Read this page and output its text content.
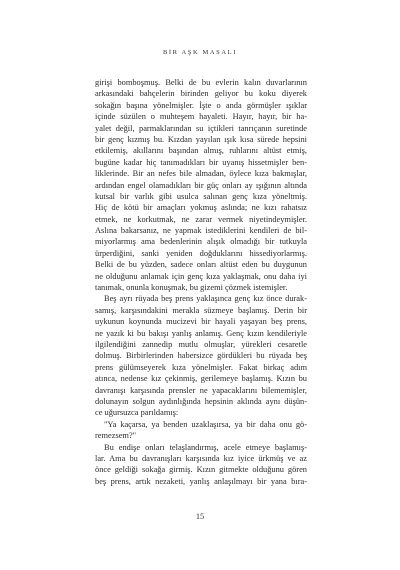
BİR AŞK MASALI
girişi bomboşmuş. Belki de bu evlerin kalın duvarlarının
arkasındaki bahçelerin birinden geliyor bu koku diyerek
sokağın başına yönelmişler. İşte o anda görmüşler ışıklar
içinde süzülen o muhteşem hayaleti. Hayır, hayır, bir ha-
yalet değil, parmaklarından su içtikleri tanrıçanın suretinde
bir genç kızmış bu. Kızdan yayılan ışık kısa sürede hepsini
etkilemiş, akıllarını başından almış, ruhlarını altüst etmiş,
bugüne kadar hiç tanımadıkları bir uyanış hissetmişler ben-
liklerinde. Bir an nefes bile almadan, öylece kıza bakmışlar,
ardından engel olamadıkları bir güç onları ay ışığının altında
kutsal bir varlık gibi usulca salınan genç kıza yöneltmiş.
Hiç de kötü bir amaçları yokmuş aslında; ne kızı rahatsız
etmek, ne korkutmak, ne zarar vermek niyetindeymişler.
Aslına bakarsanız, ne yapmak istediklerini kendileri de bil-
miyorlarmış ama bedenlerinin alışık olmadığı bir tutkuyla
ürperdiğini, sanki yeniden doğduklarını hissediyorlarmış.
Belki de bu yüzden, sadece onları altüst eden bu duygunun
ne olduğunu anlamak için genç kıza yaklaşmak, onu daha iyi
tanımak, onunla konuşmak, bu gizemi çözmek istemişler.
Beş ayrı rüyada beş prens yaklaşınca genç kız önce durak-
samış, karşısındakini merakla süzmeye başlamış. Derin bir
uykunun koynunda mucizevi bir hayali yaşayan beş prens,
ne yazık ki bu bakışı yanlış anlamış. Genç kızın kendileriyle
ilgilendiğini zannedip mutlu olmuşlar, yürekleri cesaretle
dolmuş. Birbirlerinden habersizce gördükleri bu rüyada beş
prens gülümseyerek kıza yönelmişler. Fakat birkaç adım
atınca, nedense kız çekinmiş, gerilemeye başlamış. Kızın bu
davranışı karşısında prensler ne yapacaklarını bilememişler,
dolunayın solgun aydınlığında hepsinin aklında aynı düşün-
ce uğursuzca parıldamış:
"Ya kaçarsa, ya benden uzaklaşırsa, ya bir daha onu gö-
remezsem?"
Bu endişe onları telaşlandırmış, acele etmeye başlamış-
lar. Ama bu davranışları karşısında kız iyice ürkmüş ve az
önce geldiği sokağa girmiş. Kızın gitmekte olduğunu gören
beş prens, artık nezaketi, yanlış anlaşılmayı bir yana bıra-
15
